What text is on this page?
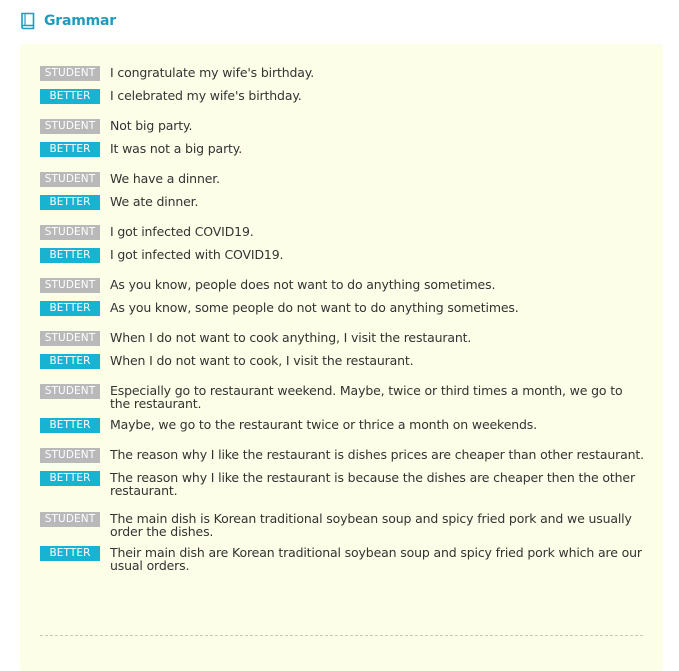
Grammar
STUDENT	I congratulate my wife's birthday.
BETTER	I celebrated my wife's birthday.
STUDENT	Not big party.
BETTER	It was not a big party.
STUDENT	We have a dinner.
BETTER	We ate dinner.
STUDENT	I got infected COVID19.
BETTER	I got infected with COVID19.
STUDENT	As you know, people does not want to do anything sometimes.
BETTER	As you know, some people do not want to do anything sometimes.
STUDENT	When I do not want to cook anything, I visit the restaurant.
BETTER	When I do not want to cook, I visit the restaurant.
STUDENT	Especially go to restaurant weekend. Maybe, twice or third times a month, we go to the restaurant.
BETTER	Maybe, we go to the restaurant twice or thrice a month on weekends.
STUDENT	The reason why I like the restaurant is dishes prices are cheaper than other restaurant.
BETTER	The reason why I like the restaurant is because the dishes are cheaper then the other restaurant.
STUDENT	The main dish is Korean traditional soybean soup and spicy fried pork and we usually order the dishes.
BETTER	Their main dish are Korean traditional soybean soup and spicy fried pork which are our usual orders.
